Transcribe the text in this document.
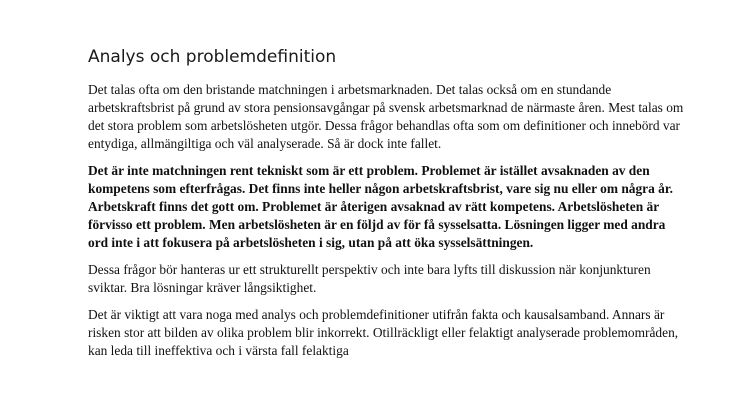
Analys och problemdefinition

Det talas ofta om den bristande matchningen i arbetsmarknaden. Det talas också om en stundande arbetskraftsbrist på grund av stora pensionsavgångar på svensk arbetsmarknad de närmaste åren. Mest talas om det stora problem som arbetslösheten utgör. Dessa frågor behandlas ofta som om definitioner och innebörd var entydiga, allmängiltiga och väl analyserade. Så är dock inte fallet.

Det är inte matchningen rent tekniskt som är ett problem. Problemet är istället avsaknaden av den kompetens som efterfrågas. Det finns inte heller någon arbetskraftsbrist, vare sig nu eller om några år. Arbetskraft finns det gott om. Problemet är återigen avsaknad av rätt kompetens. Arbetslösheten är förvisso ett problem. Men arbetslösheten är en följd av för få sysselsatta. Lösningen ligger med andra ord inte i att fokusera på arbetslösheten i sig, utan på att öka sysselsättningen.

Dessa frågor bör hanteras ur ett strukturellt perspektiv och inte bara lyfts till diskussion när konjunkturen sviktar. Bra lösningar kräver långsiktighet.

Det är viktigt att vara noga med analys och problemdefinitioner utifrån fakta och kausalsamband. Annars är risken stor att bilden av olika problem blir inkorrekt. Otillräckligt eller felaktigt analyserade problemområden, kan leda till ineffektiva och i värsta fall felaktiga
